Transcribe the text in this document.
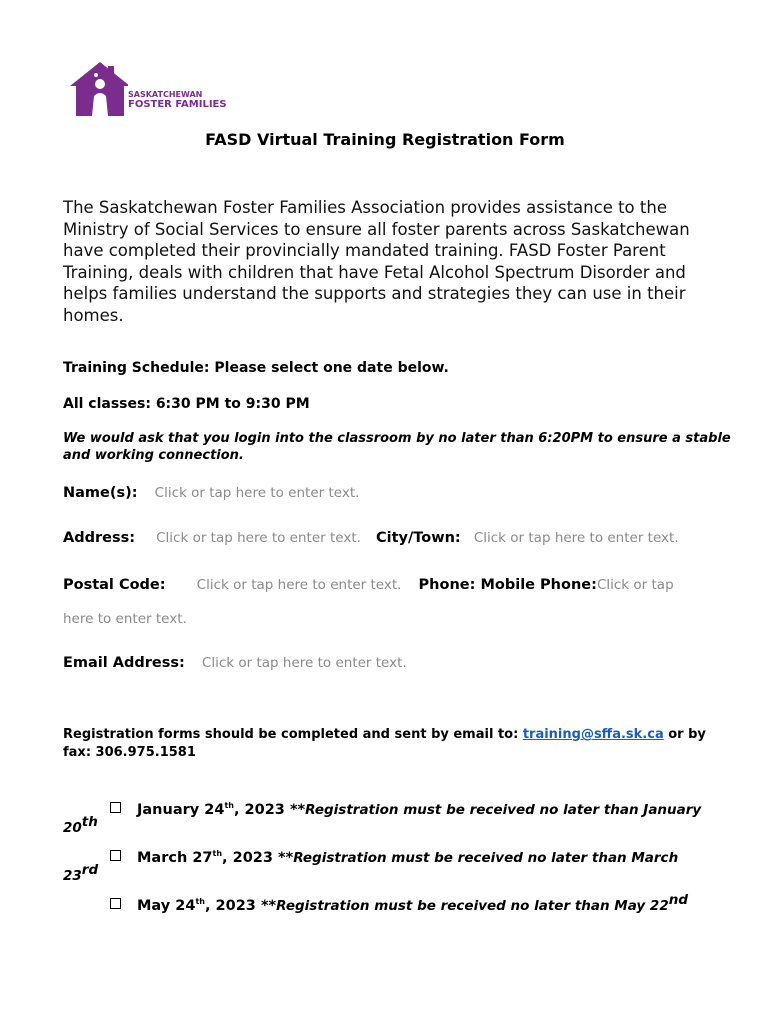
SASKATCHEWAN
FOSTER FAMILIES
FASD Virtual Training Registration Form
The Saskatchewan Foster Families Association provides assistance to the Ministry of Social Services to ensure all foster parents across Saskatchewan have completed their provincially mandated training. FASD Foster Parent Training, deals with children that have Fetal Alcohol Spectrum Disorder and helps families understand the supports and strategies they can use in their homes.
Training Schedule: Please select one date below.
All classes: 6:30 PM to 9:30 PM
We would ask that you login into the classroom by no later than 6:20PM to ensure a stable and working connection.
Name(s): Click or tap here to enter text.
Address: Click or tap here to enter text. City/Town: Click or tap here to enter text.
Postal Code: Click or tap here to enter text. Phone: Mobile Phone:Click or tap
here to enter text.
Email Address: Click or tap here to enter text.
Registration forms should be completed and sent by email to: training@sffa.sk.ca or by fax: 306.975.1581
January 24th, 2023 **Registration must be received no later than January
20th
March 27th, 2023 **Registration must be received no later than March
23rd
May 24th, 2023 **Registration must be received no later than May 22nd
